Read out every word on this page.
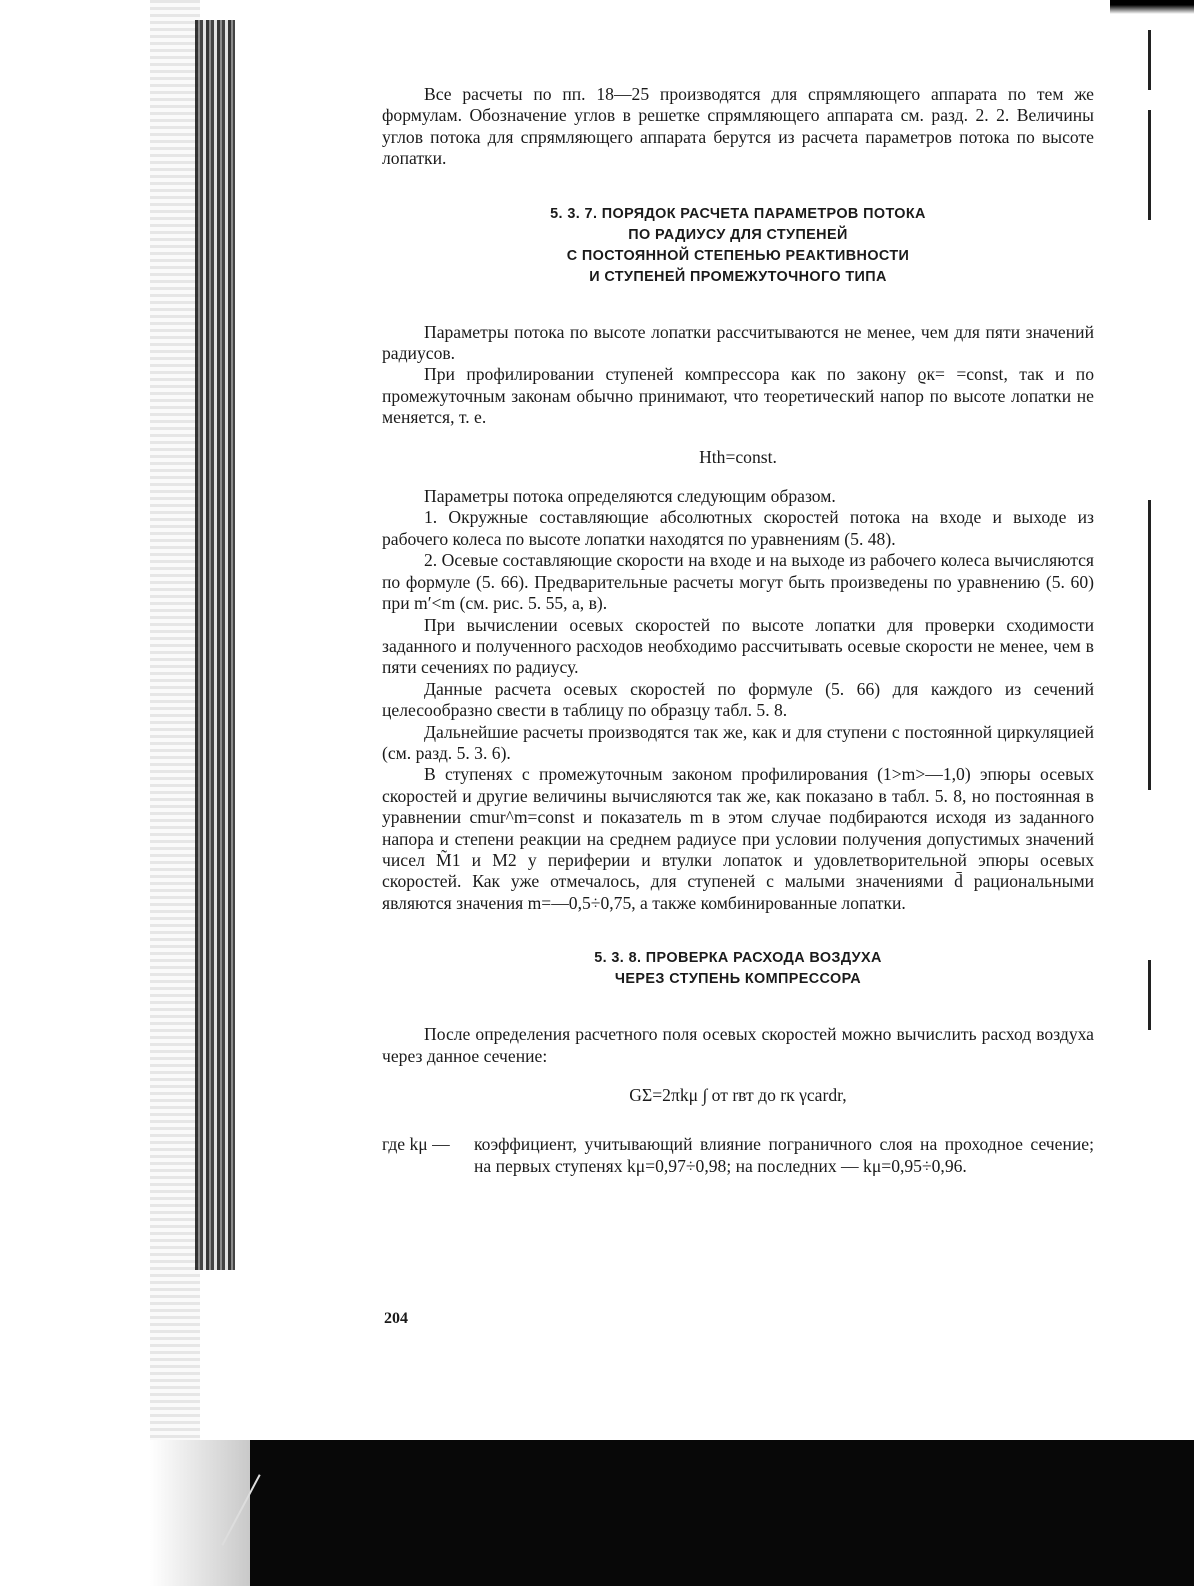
Все расчеты по пп. 18—25 производятся для спрямляющего аппарата по тем же формулам. Обозначение углов в решетке спрямляющего аппарата см. разд. 2. 2. Величины углов потока для спрямляющего аппарата берутся из расчета параметров потока по высоте лопатки.

5. 3. 7. ПОРЯДОК РАСЧЕТА ПАРАМЕТРОВ ПОТОКА
ПО РАДИУСУ ДЛЯ СТУПЕНЕЙ
С ПОСТОЯННОЙ СТЕПЕНЬЮ РЕАКТИВНОСТИ
И СТУПЕНЕЙ ПРОМЕЖУТОЧНОГО ТИПА

Параметры потока по высоте лопатки рассчитываются не менее, чем для пяти значений радиусов.

При профилировании ступеней компрессора как по закону ϱк= =const, так и по промежуточным законам обычно принимают, что теоретический напор по высоте лопатки не меняется, т. е.

Hth=const.

Параметры потока определяются следующим образом.

1. Окружные составляющие абсолютных скоростей потока на входе и выходе из рабочего колеса по высоте лопатки находятся по уравнениям (5. 48).

2. Осевые составляющие скорости на входе и на выходе из рабочего колеса вычисляются по формуле (5. 66). Предварительные расчеты могут быть произведены по уравнению (5. 60) при m′<m (см. рис. 5. 55, а, в).

При вычислении осевых скоростей по высоте лопатки для проверки сходимости заданного и полученного расходов необходимо рассчитывать осевые скорости не менее, чем в пяти сечениях по радиусу.

Данные расчета осевых скоростей по формуле (5. 66) для каждого из сечений целесообразно свести в таблицу по образцу табл. 5. 8.

Дальнейшие расчеты производятся так же, как и для ступени с постоянной циркуляцией (см. разд. 5. 3. 6).

В ступенях с промежуточным законом профилирования (1>m>—1,0) эпюры осевых скоростей и другие величины вычисляются так же, как показано в табл. 5. 8, но постоянная в уравнении cmur^m=const и показатель m в этом случае подбираются исходя из заданного напора и степени реакции на среднем радиусе при условии получения допустимых значений чисел M̃1 и M2 у периферии и втулки лопаток и удовлетворительной эпюры осевых скоростей. Как уже отмечалось, для ступеней с малыми значениями d̄ рациональными являются значения m=—0,5÷0,75, а также комбинированные лопатки.

5. 3. 8. ПРОВЕРКА РАСХОДА ВОЗДУХА
ЧЕРЕЗ СТУПЕНЬ КОМПРЕССОРА

После определения расчетного поля осевых скоростей можно вычислить расход воздуха через данное сечение:

GΣ=2πkμ ∫ от rвт до rк γcardr,
где kμ —	коэффициент, учитывающий влияние пограничного слоя на проходное сечение; на первых ступенях kμ=0,97÷0,98; на последних — kμ=0,95÷0,96.

204
